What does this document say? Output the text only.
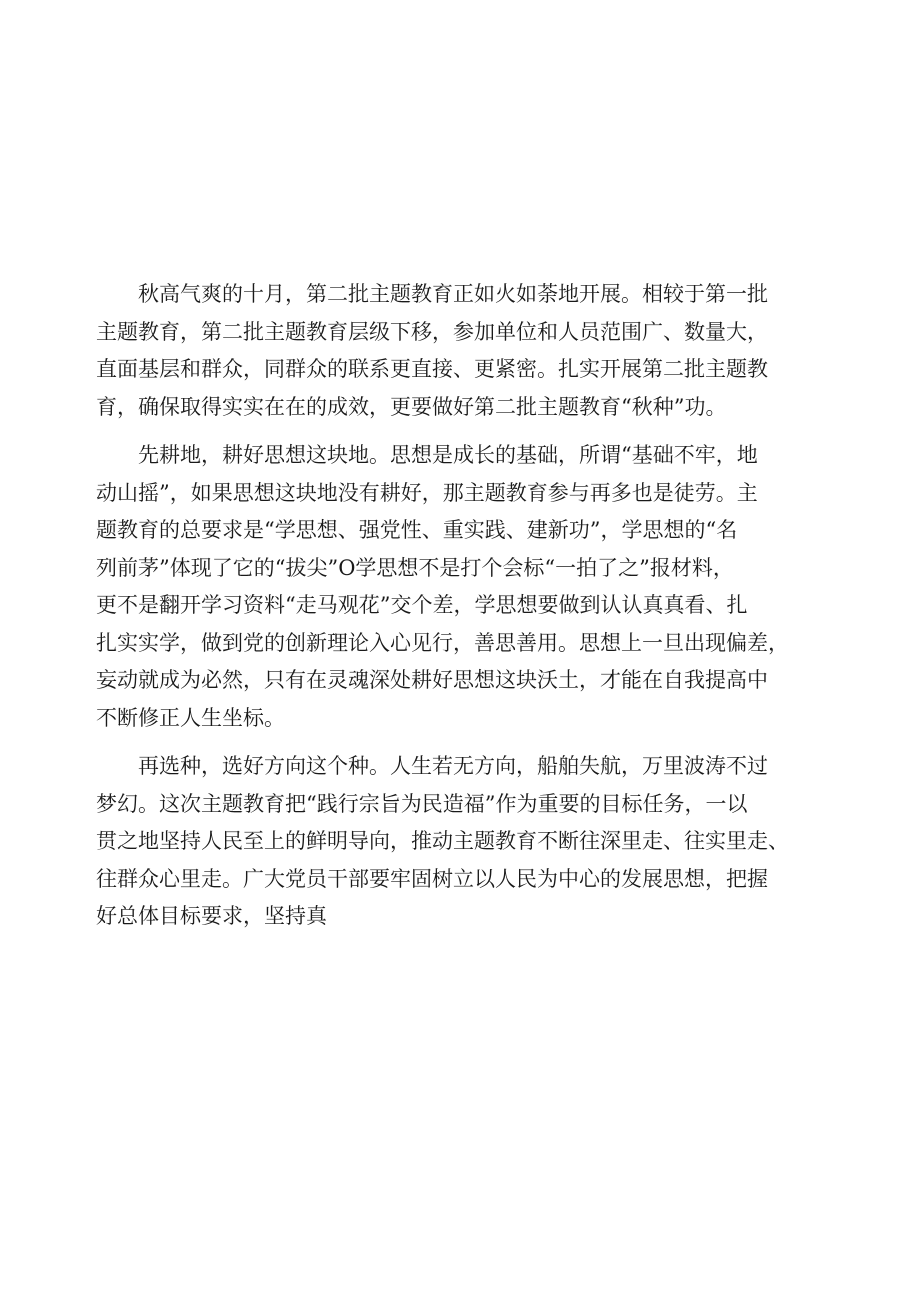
秋高气爽的十月，第二批主题教育正如火如荼地开展。相较于第一批
主题教育，第二批主题教育层级下移，参加单位和人员范围广、数量大，
直面基层和群众，同群众的联系更直接、更紧密。扎实开展第二批主题教
育，确保取得实实在在的成效，更要做好第二批主题教育“秋种”功。

先耕地，耕好思想这块地。思想是成长的基础，所谓“基础不牢，地
动山摇”，如果思想这块地没有耕好，那主题教育参与再多也是徒劳。主
题教育的总要求是“学思想、强党性、重实践、建新功”，学思想的“名
列前茅”体现了它的“拔尖”O学思想不是打个会标“一拍了之”报材料，
更不是翻开学习资料“走马观花”交个差，学思想要做到认认真真看、扎
扎实实学，做到党的创新理论入心见行，善思善用。思想上一旦出现偏差，
妄动就成为必然，只有在灵魂深处耕好思想这块沃土，才能在自我提高中
不断修正人生坐标。

再选种，选好方向这个种。人生若无方向，船舶失航，万里波涛不过
梦幻。这次主题教育把“践行宗旨为民造福”作为重要的目标任务，一以
贯之地坚持人民至上的鲜明导向，推动主题教育不断往深里走、往实里走、
往群众心里走。广大党员干部要牢固树立以人民为中心的发展思想，把握
好总体目标要求，坚持真
